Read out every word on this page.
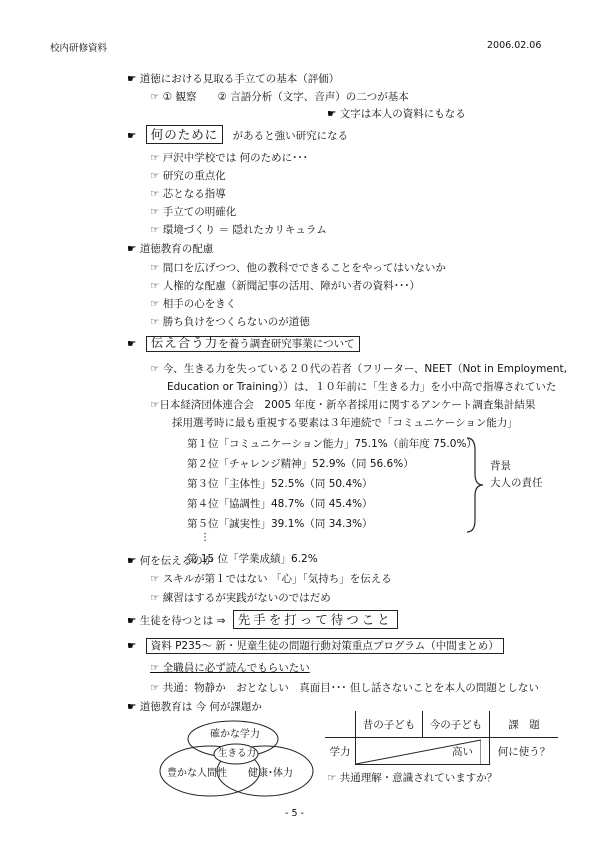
校内研修資料	2006.02.06
☛ 道徳における見取る手立ての基本（評価）
☞ ① 観察　　② 言語分析（文字、音声）の二つが基本
☛ 文字は本人の資料にもなる
☛ 何のために があると強い研究になる
☞ 戸沢中学校では 何のために･･･
☞ 研究の重点化
☞ 芯となる指導
☞ 手立ての明確化
☞ 環境づくり ＝ 隠れたカリキュラム
☛ 道徳教育の配慮
☞ 間口を広げつつ、他の教科でできることをやってはいないか
☞ 人権的な配慮（新聞記事の活用、障がい者の資料･･･）
☞ 相手の心をきく
☞ 勝ち負けをつくらないのが道徳
☛ 伝え合う力を養う調査研究事業について
☞ 今、生きる力を失っている２０代の若者（フリーター、NEET（Not in Employment,
Education or Training））は、１０年前に「生きる力」を小中高で指導されていた
☞日本経済団体連合会　2005 年度・新卒者採用に関するアンケート調査集計結果
採用選考時に最も重視する要素は３年連続で「コミュニケーション能力」
第１位「コミュニケーション能力」75.1%（前年度 75.0%）
第２位「チャレンジ精神」52.9%（同 56.6%）
第３位「主体性」52.5%（同 50.4%）
第４位「協調性」48.7%（同 45.4%）
第５位「誠実性」39.1%（同 34.3%）
⋮
第 15 位「学業成績」6.2%
背景
大人の責任
☛ 何を伝えるのか
☞ スキルが第１ではない 「心」「気持ち」を伝える
☞ 練習はするが実践がないのではだめ
☛ 生徒を待つとは ⇒ 先手を打って待つこと
☛ 資料 P235～ 新・児童生徒の問題行動対策重点プログラム（中間まとめ）
☞ 全職員に必ず読んでもらいたい
☞ 共通：物静か　おとなしい　真面目･･･ 但し話さないことを本人の問題としない
☛ 道徳教育は 今 何が課題か
確かな学力
生きる力
豊かな人間性 健康･体力
	昔の子ども	今の子ども	課　題
学力	高い		何に使う？
☞ 共通理解・意識されていますか？
- 5 -
